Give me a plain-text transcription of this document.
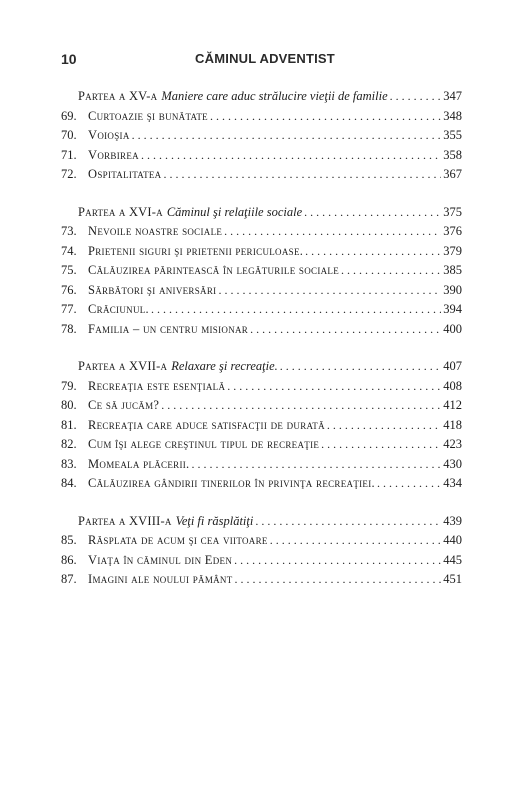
10	CĂMINUL ADVENTIST
Partea a XV-a Maniere care aduc strălucire vieţii de familie . . .	347
69. Curtoazie şi bunătate . . .	348
70. Voioşia . . .	355
71. Vorbirea . . .	358
72. Ospitalitatea . . .	367
Partea a XVI-a Căminul şi relaţiile sociale . . .	375
73. Nevoile noastre sociale . . .	376
74. Prietenii siguri şi prietenii periculoase. . . .	379
75. Călăuzirea părintească în legăturile sociale . . .	385
76. Sărbători şi aniversări . . .	390
77. Crăciunul. . . .	394
78. Familia – un centru misionar . . .	400
Partea a XVII-a Relaxare şi recreaţie. . . .	407
79. Recreaţia este esenţială . . .	408
80. Ce să jucăm? . . .	412
81. Recreaţia care aduce satisfacţii de durată . . .	418
82. Cum îşi alege creştinul tipul de recreaţie . . .	423
83. Momeala plăcerii. . . .	430
84. Călăuzirea gândirii tinerilor în privinţa recreaţiei. . . .	434
Partea a XVIII-a Veţi fi răsplătiţi . . .	439
85. Răsplata de acum şi cea viitoare . . .	440
86. Viaţa în căminul din Eden . . .	445
87. Imagini ale noului pământ . . .	451
